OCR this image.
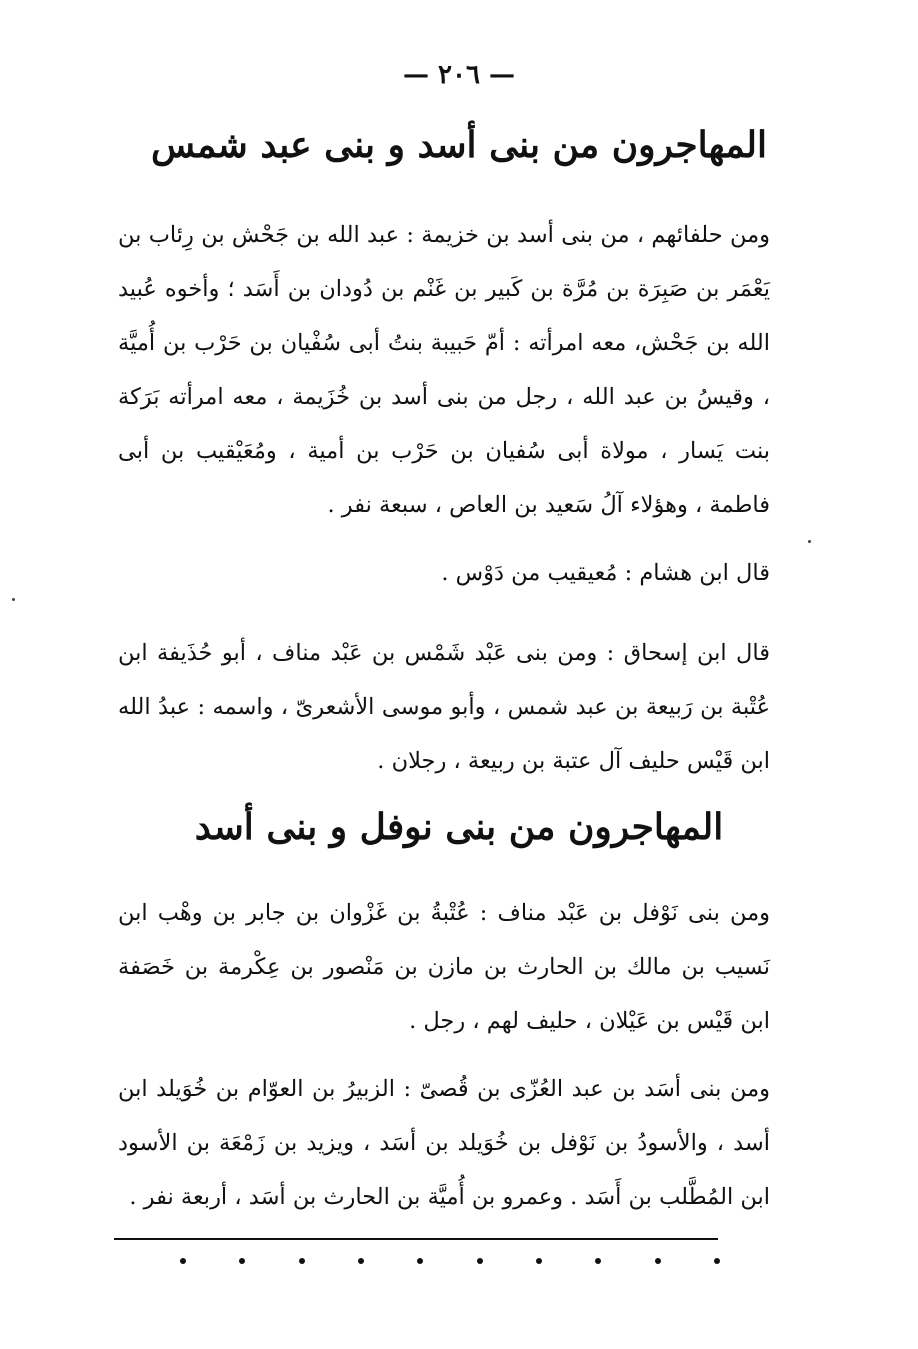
— ٢٠٦ —
المهاجرون من بنى أسد و بنى عبد شمس

ومن حلفائهم ، من بنى أسد بن خزيمة : عبد الله بن جَحْش بن رِئاب بن يَعْمَر بن صَبِرَة بن مُرَّة بن كَبير بن غَنْم بن دُودان بن أَسَد ؛ وأخوه عُبيد الله بن جَحْش، معه امرأته : أمّ حَبيبة بنتُ أبى سُفْيان بن حَرْب بن أُميَّة ، وقيسُ بن عبد الله ، رجل من بنى أسد بن خُزَيمة ، معه امرأته بَرَكة بنت يَسار ، مولاة أبى سُفيان بن حَرْب بن أمية ، ومُعَيْقيب بن أبى فاطمة ، وهؤلاء آلُ سَعيد بن العاص ، سبعة نفر .

قال ابن هشام : مُعيقيب من دَوْس .

قال ابن إسحاق : ومن بنى عَبْد شَمْس بن عَبْد مناف ، أبو حُذَيفة ابن عُتْبة بن رَبيعة بن عبد شمس ، وأبو موسى الأشعرىّ ، واسمه : عبدُ الله ابن قَيْس حليف آل عتبة بن ربيعة ، رجلان .

المهاجرون من بنى نوفل و بنى أسد

ومن بنى نَوْفل بن عَبْد مناف : عُتْبةُ بن غَزْوان بن جابر بن وهْب ابن نَسيب بن مالك بن الحارث بن مازن بن مَنْصور بن عِكْرمة بن خَصَفة ابن قَيْس بن عَيْلان ، حليف لهم ، رجل .

ومن بنى أسَد بن عبد العُزّى بن قُصىّ : الزبيرُ بن العوّام بن خُوَيلد ابن أسد ، والأسودُ بن نَوْفل بن خُوَيلد بن أسَد ، ويزيد بن زَمْعَة بن الأسود ابن المُطَّلب بن أَسَد . وعمرو بن أُميَّة بن الحارث بن أسَد ، أربعة نفر .
